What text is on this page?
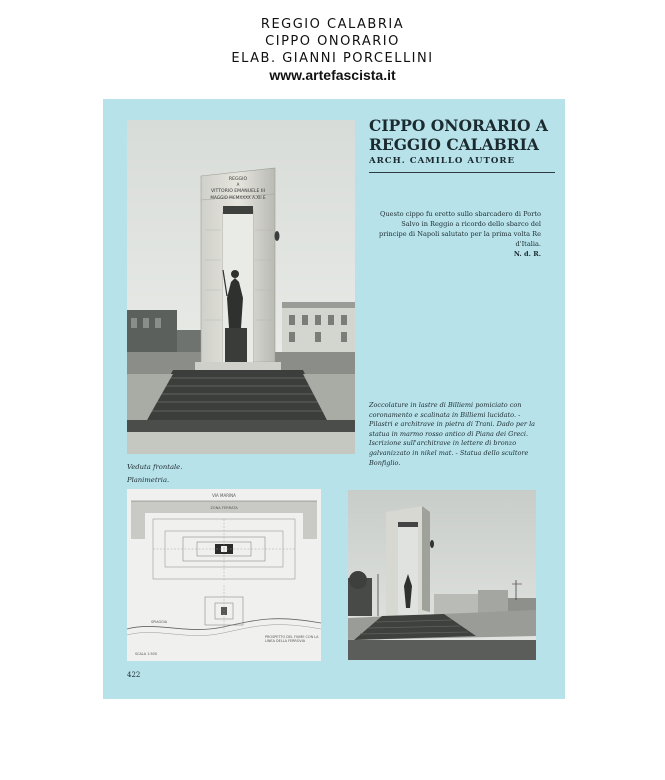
REGGIO CALABRIA
CIPPO ONORARIO
ELAB. GIANNI PORCELLINI
www.artefascista.it
REGGIO
A
VITTORIO EMANUELE III
MAGGIO MCMXXXX A.XII E
CIPPO ONORARIO A
REGGIO CALABRIA
ARCH. CAMILLO AUTORE
Questo cippo fu eretto sullo sbarcadero di Porto Salvo in Reggio a ricordo dello sbarco del principe di Napoli salutato per la prima volta Re d'Italia.
N. d. R.
Zoccolature in lastre di Billiemi pomiciato con coronamento e scalinata in Billiemi lucidato. - Pilastri e architrave in pietra di Trani. Dado per la statua in marmo rosso antico di Piana dei Greci. Iscrizione sull'architrave in lettere di bronzo galvanizzato in nikel mat. - Statua dello scultore Bonfiglio.
Veduta frontale.
Planimetria.
VIA MARINA
ZONA FERRATA
SPIAGGIA
SCALA 1:500
PROSPETTO DEL FIUME CON LA LINEA DELLA FERROVIA
422
